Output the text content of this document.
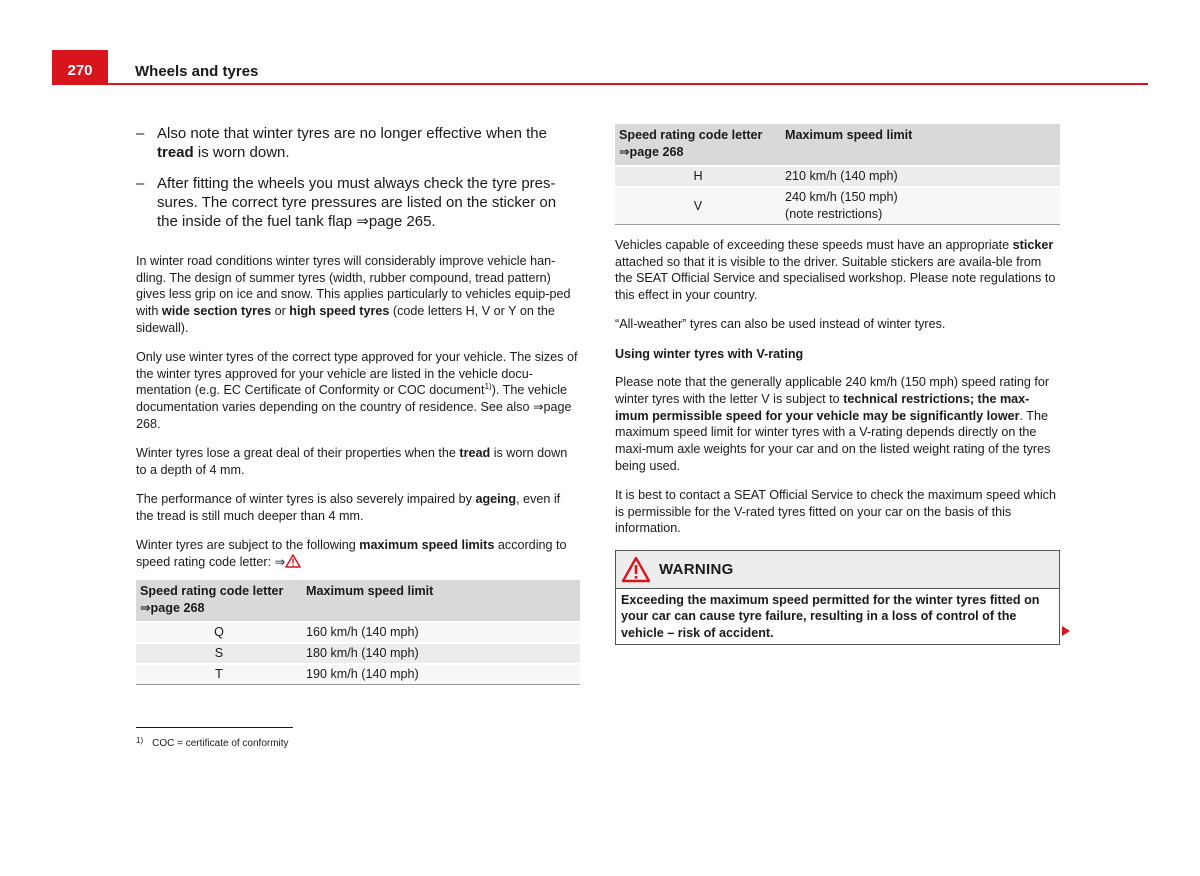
270	Wheels and tyres
– Also note that winter tyres are no longer effective when the tread is worn down.
– After fitting the wheels you must always check the tyre pres-sures. The correct tyre pressures are listed on the sticker on the inside of the fuel tank flap ⇒page 265.

In winter road conditions winter tyres will considerably improve vehicle han-dling. The design of summer tyres (width, rubber compound, tread pattern) gives less grip on ice and snow. This applies particularly to vehicles equip-ped with wide section tyres or high speed tyres (code letters H, V or Y on the sidewall).

Only use winter tyres of the correct type approved for your vehicle. The sizes of the winter tyres approved for your vehicle are listed in the vehicle docu-mentation (e.g. EC Certificate of Conformity or COC document$^{1)}$). The vehicle documentation varies depending on the country of residence. See also ⇒page 268.

Winter tyres lose a great deal of their properties when the tread is worn down to a depth of 4 mm.

The performance of winter tyres is also severely impaired by ageing, even if the tread is still much deeper than 4 mm.

Winter tyres are subject to the following maximum speed limits according to speed rating code letter: ⇒

Speed rating code letter
⇒page 268	Maximum speed limit
Q	160 km/h (140 mph)
S	180 km/h (140 mph)
T	190 km/h (140 mph)
Speed rating code letter
⇒page 268	Maximum speed limit
H	210 km/h (140 mph)
V	240 km/h (150 mph)
(note restrictions)

Vehicles capable of exceeding these speeds must have an appropriate sticker attached so that it is visible to the driver. Suitable stickers are availa-ble from the SEAT Official Service and specialised workshop. Please note regulations to this effect in your country.

“All-weather” tyres can also be used instead of winter tyres.

Using winter tyres with V-rating

Please note that the generally applicable 240 km/h (150 mph) speed rating for winter tyres with the letter V is subject to technical restrictions; the max-imum permissible speed for your vehicle may be significantly lower. The maximum speed limit for winter tyres with a V-rating depends directly on the maxi-mum axle weights for your car and on the listed weight rating of the tyres being used.

It is best to contact a SEAT Official Service to check the maximum speed which is permissible for the V-rated tyres fitted on your car on the basis of this information.

WARNING
Exceeding the maximum speed permitted for the winter tyres fitted on your car can cause tyre failure, resulting in a loss of control of the vehicle – risk of accident.
$^{1)}$ COC = certificate of conformity
